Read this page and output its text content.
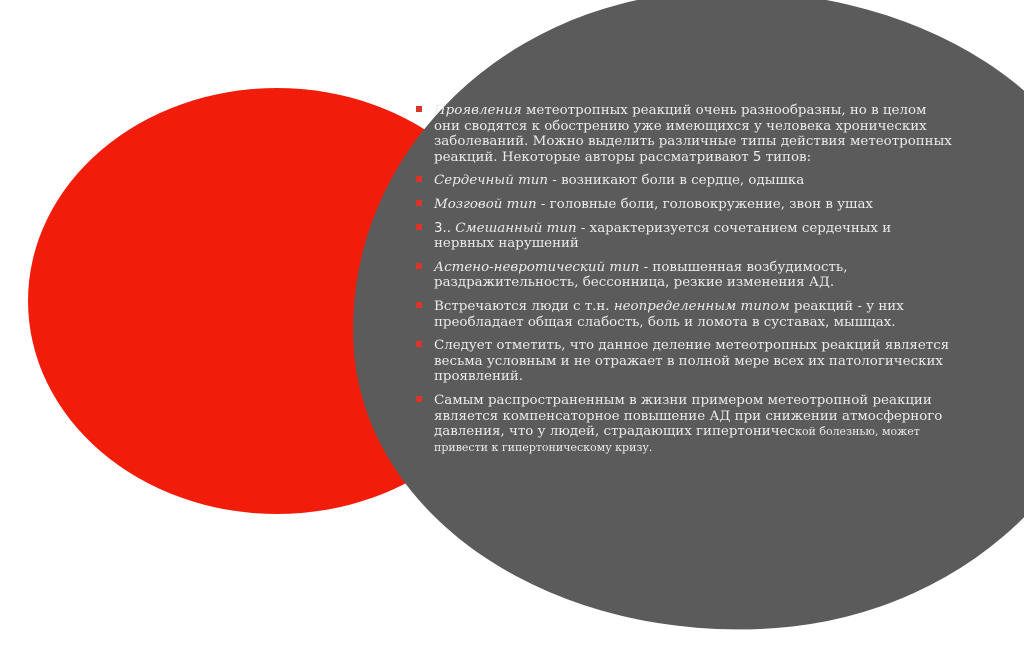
Проявления метеотропных реакций очень разнообразны, но в целом они сводятся к обострению уже имеющихся у человека хронических заболеваний. Можно выделить различные типы действия метеотропных реакций. Некоторые авторы рассматривают 5 типов:
Сердечный тип - возникают боли в сердце, одышка
Мозговой тип - головные боли, головокружение, звон в ушах
3.. Смешанный тип - характеризуется сочетанием сердечных и нервных нарушений
Астено-невротический тип - повышенная возбудимость, раздражительность, бессонница, резкие изменения АД.
Встречаются люди с т.н. неопределенным типом реакций - у них преобладает общая слабость, боль и ломота в суставах, мышцах.
Следует отметить, что данное деление метеотропных реакций является весьма условным и не отражает в полной мере всех их патологических проявлений.
Самым распространенным в жизни примером метеотропной реакции является компенсаторное повышение АД при снижении атмосферного давления, что у людей, страдающих гипертонической болезнью, может привести к гипертоническому кризу.
